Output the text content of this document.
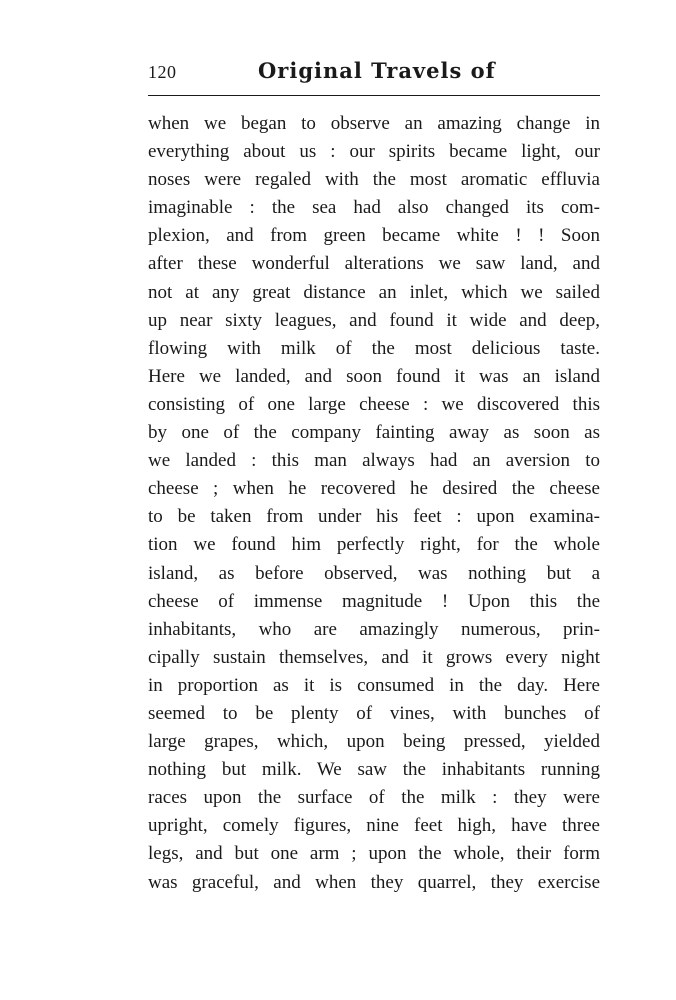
120	Original Travels of
when we began to observe an amazing change in
everything about us : our spirits became light, our
noses were regaled with the most aromatic effluvia
imaginable : the sea had also changed its com-
plexion, and from green became white ! ! Soon
after these wonderful alterations we saw land, and
not at any great distance an inlet, which we sailed
up near sixty leagues, and found it wide and deep,
flowing with milk of the most delicious taste.
Here we landed, and soon found it was an island
consisting of one large cheese : we discovered this
by one of the company fainting away as soon as
we landed : this man always had an aversion to
cheese ; when he recovered he desired the cheese
to be taken from under his feet : upon examina-
tion we found him perfectly right, for the whole
island, as before observed, was nothing but a
cheese of immense magnitude ! Upon this the
inhabitants, who are amazingly numerous, prin-
cipally sustain themselves, and it grows every night
in proportion as it is consumed in the day. Here
seemed to be plenty of vines, with bunches of
large grapes, which, upon being pressed, yielded
nothing but milk. We saw the inhabitants running
races upon the surface of the milk : they were
upright, comely figures, nine feet high, have three
legs, and but one arm ; upon the whole, their form
was graceful, and when they quarrel, they exercise
